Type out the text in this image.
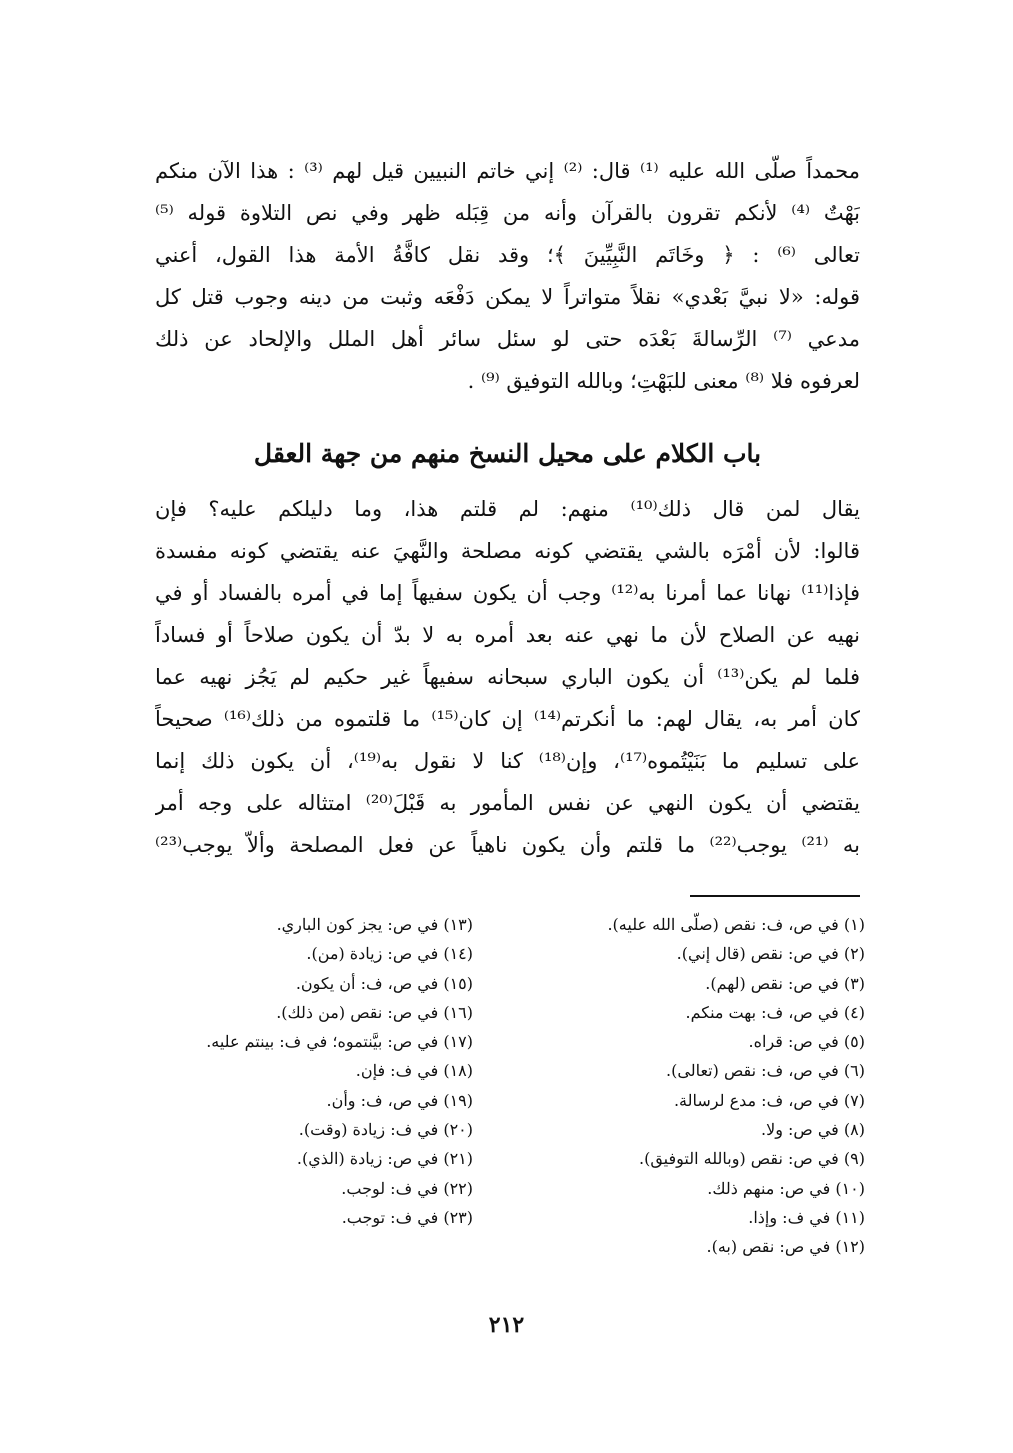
محمداً صلّى الله عليه ⁽¹⁾ قال: ⁽²⁾ إني خاتم النبيين قيل لهم ⁽³⁾ : هذا الآن منكم
بَهْتٌ ⁽⁴⁾ لأنكم تقرون بالقرآن وأنه من قِبَله ظهر وفي نص التلاوة قوله ⁽⁵⁾
تعالى ⁽⁶⁾ : ﴿ وخَاتَم النَّبِيِّينَ ﴾؛ وقد نقل كافَّةُ الأمة هذا القول، أعني
قوله: «لا نبيَّ بَعْدي» نقلاً متواتراً لا يمكن دَفْعَه وثبت من دينه وجوب قتل كل
مدعي ⁽⁷⁾ الرِّسالةَ بَعْدَه حتى لو سئل سائر أهل الملل والإلحاد عن ذلك
لعرفوه فلا ⁽⁸⁾ معنى للبَهْتِ؛ وبالله التوفيق ⁽⁹⁾ .
باب الكلام على محيل النسخ منهم من جهة العقل
يقال لمن قال ذلك⁽¹⁰⁾ منهم: لم قلتم هذا، وما دليلكم عليه؟ فإن
قالوا: لأن أمْرَه بالشي يقتضي كونه مصلحة والنَّهيَ عنه يقتضي كونه مفسدة
فإذا⁽¹¹⁾ نهانا عما أمرنا به⁽¹²⁾ وجب أن يكون سفيهاً إما في أمره بالفساد أو في
نهيه عن الصلاح لأن ما نهي عنه بعد أمره به لا بدّ أن يكون صلاحاً أو فساداً
فلما لم يكن⁽¹³⁾ أن يكون الباري سبحانه سفيهاً غير حكيم لم يَجُز نهيه عما
كان أمر به، يقال لهم: ما أنكرتم⁽¹⁴⁾ إن كان⁽¹⁵⁾ ما قلتموه من ذلك⁽¹⁶⁾ صحيحاً
على تسليم ما بَنَيْتُموه⁽¹⁷⁾، وإن⁽¹⁸⁾ كنا لا نقول به⁽¹⁹⁾، أن يكون ذلك إنما
يقتضي أن يكون النهي عن نفس المأمور به قَبْلَ⁽²⁰⁾ امتثاله على وجه أمر
به ⁽²¹⁾ يوجب⁽²²⁾ ما قلتم وأن يكون ناهياً عن فعل المصلحة وألاّ يوجب⁽²³⁾
(١) في ص، ف: نقص (صلّى الله عليه).
(٢) في ص: نقص (قال إني).
(٣) في ص: نقص (لهم).
(٤) في ص، ف: بهت منكم.
(٥) في ص: قراه.
(٦) في ص، ف: نقص (تعالى).
(٧) في ص، ف: مدع لرسالة.
(٨) في ص: ولا.
(٩) في ص: نقص (وبالله التوفيق).
(١٠) في ص: منهم ذلك.
(١١) في ف: وإذا.
(١٢) في ص: نقص (به).
(١٣) في ص: يجز كون الباري.
(١٤) في ص: زيادة (من).
(١٥) في ص، ف: أن يكون.
(١٦) في ص: نقص (من ذلك).
(١٧) في ص: بيَّنتموه؛ في ف: بينتم عليه.
(١٨) في ف: فإن.
(١٩) في ص، ف: وأن.
(٢٠) في ف: زيادة (وقت).
(٢١) في ص: زيادة (الذي).
(٢٢) في ف: لوجب.
(٢٣) في ف: توجب.
٢١٢
